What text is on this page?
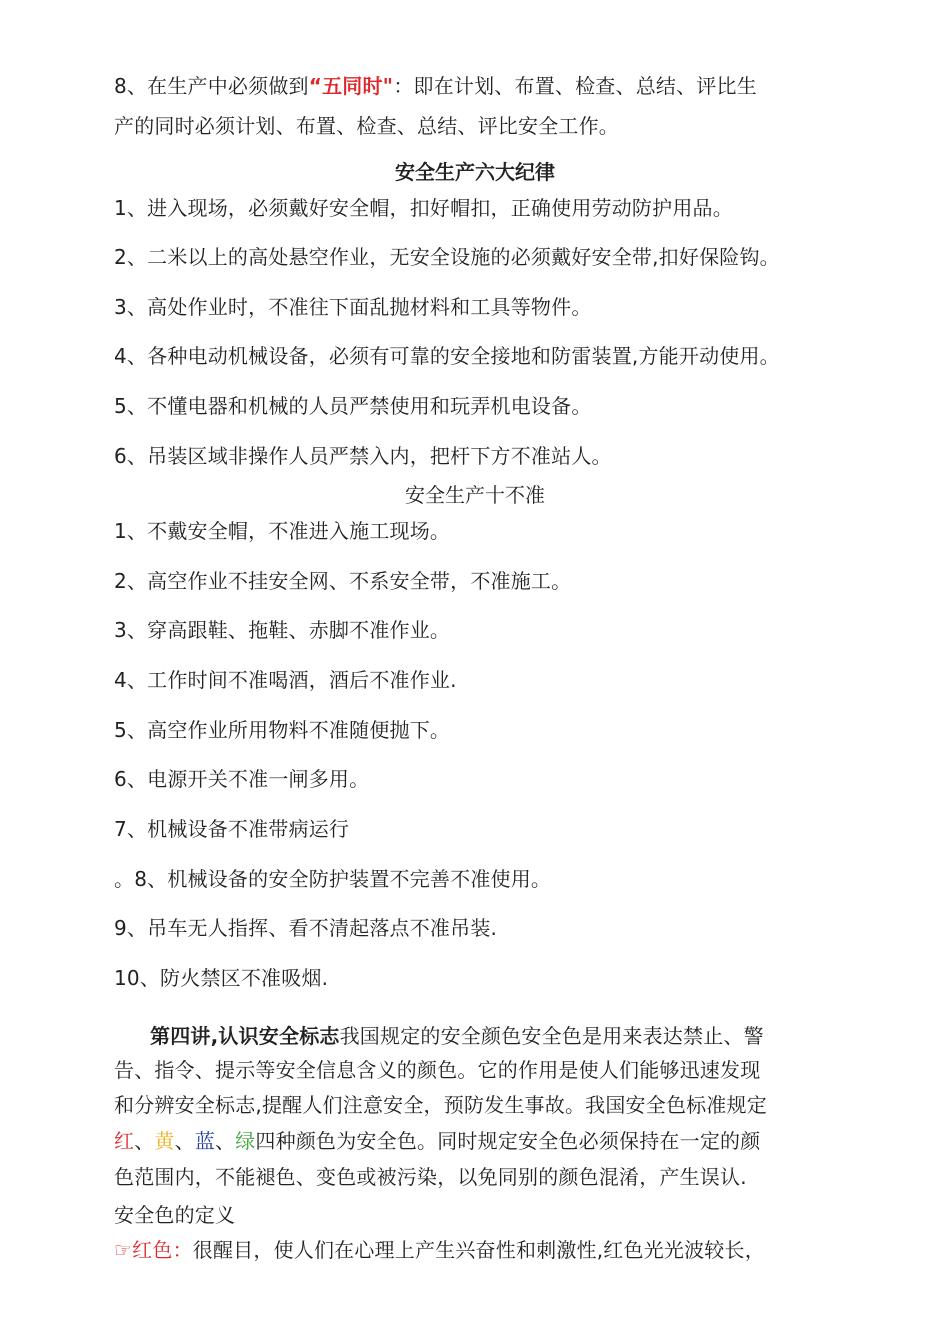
8、在生产中必须做到“五同时"：即在计划、布置、检查、总结、评比生
产的同时必须计划、布置、检查、总结、评比安全工作。
安全生产六大纪律
1、进入现场，必须戴好安全帽，扣好帽扣，正确使用劳动防护用品。
2、二米以上的高处悬空作业，无安全设施的必须戴好安全带,扣好保险钩。
3、高处作业时，不准往下面乱抛材料和工具等物件。
4、各种电动机械设备，必须有可靠的安全接地和防雷装置,方能开动使用。
5、不懂电器和机械的人员严禁使用和玩弄机电设备。
6、吊装区域非操作人员严禁入内，把杆下方不准站人。
安全生产十不准
1、不戴安全帽，不准进入施工现场。
2、高空作业不挂安全网、不系安全带，不准施工。
3、穿高跟鞋、拖鞋、赤脚不准作业。
4、工作时间不准喝酒，酒后不准作业.
5、高空作业所用物料不准随便抛下。
6、电源开关不准一闸多用。
7、机械设备不准带病运行
。8、机械设备的安全防护装置不完善不准使用。
9、吊车无人指挥、看不清起落点不准吊装.
10、防火禁区不准吸烟.
第四讲,认识安全标志我国规定的安全颜色安全色是用来表达禁止、警
告、指令、提示等安全信息含义的颜色。它的作用是使人们能够迅速发现
和分辨安全标志,提醒人们注意安全，预防发生事故。我国安全色标准规定
红、黄、蓝、绿四种颜色为安全色。同时规定安全色必须保持在一定的颜
色范围内，不能褪色、变色或被污染，以免同别的颜色混淆，产生误认.
安全色的定义
☞红色：很醒目，使人们在心理上产生兴奋性和刺激性,红色光光波较长，
